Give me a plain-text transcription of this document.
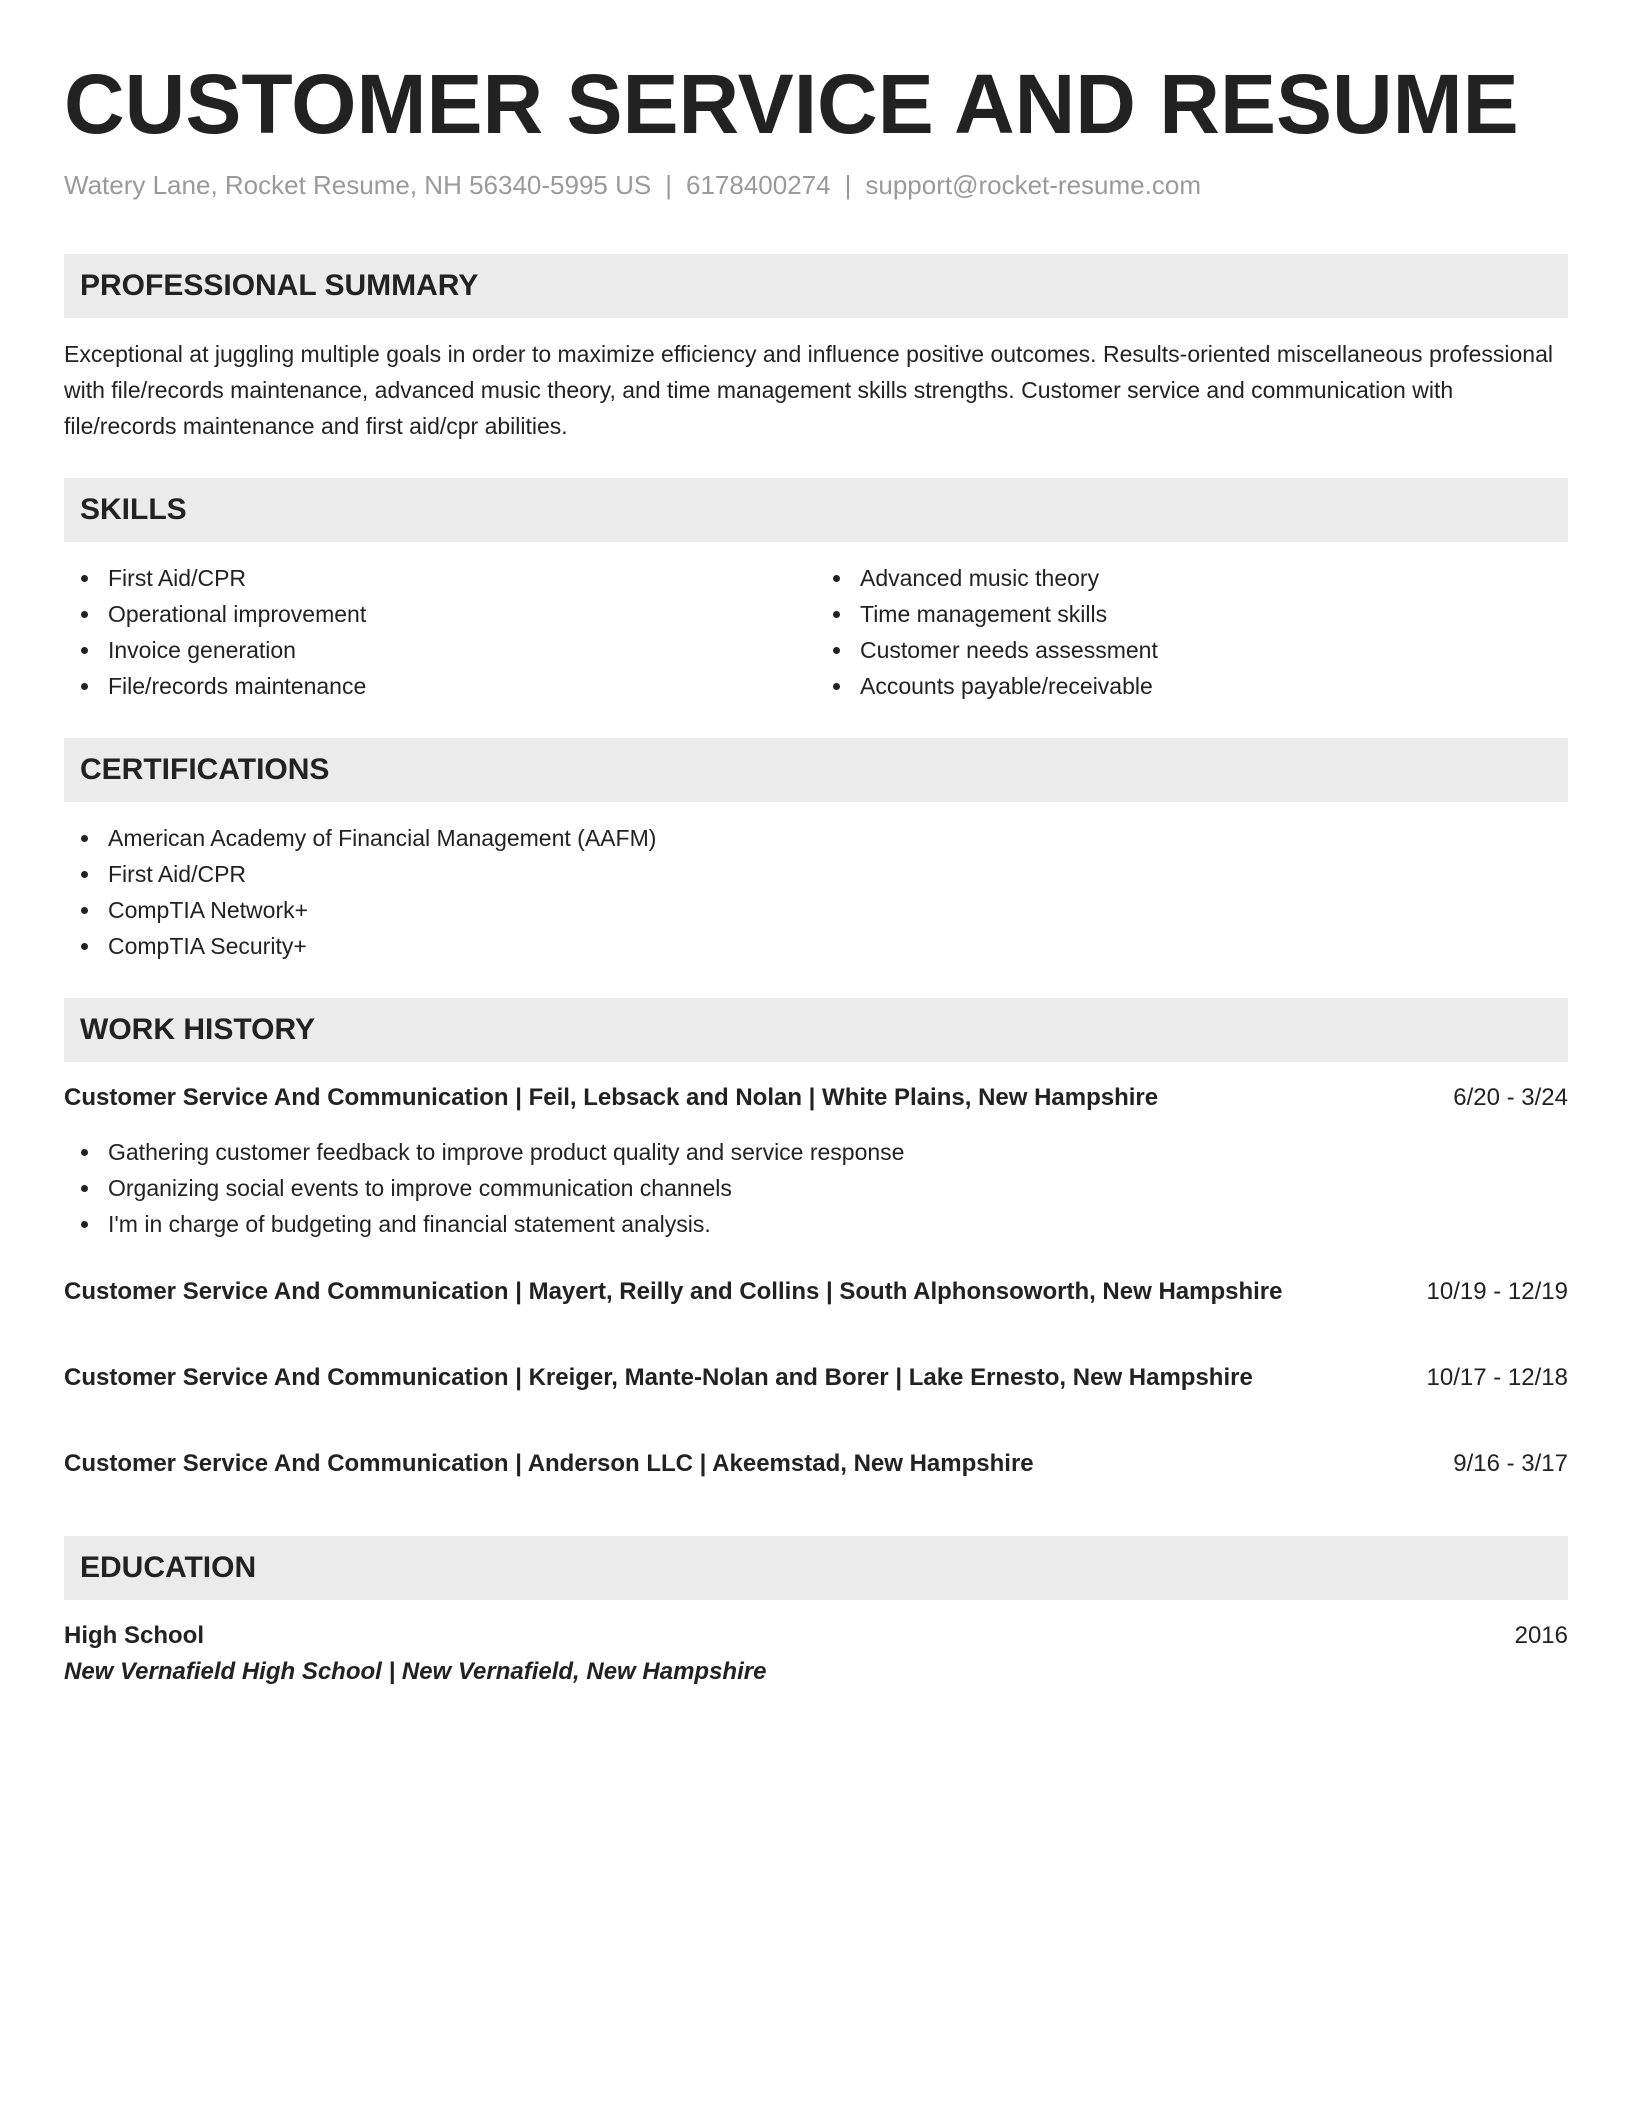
CUSTOMER SERVICE AND RESUME
Watery Lane, Rocket Resume, NH 56340-5995 US | 6178400274 | support@rocket-resume.com
PROFESSIONAL SUMMARY
Exceptional at juggling multiple goals in order to maximize efficiency and influence positive outcomes. Results-oriented miscellaneous professional with file/records maintenance, advanced music theory, and time management skills strengths. Customer service and communication with file/records maintenance and first aid/cpr abilities.
SKILLS
First Aid/CPR
Operational improvement
Invoice generation
File/records maintenance
Advanced music theory
Time management skills
Customer needs assessment
Accounts payable/receivable
CERTIFICATIONS
American Academy of Financial Management (AAFM)
First Aid/CPR
CompTIA Network+
CompTIA Security+
WORK HISTORY
Customer Service And Communication | Feil, Lebsack and Nolan | White Plains, New Hampshire	6/20 - 3/24
Gathering customer feedback to improve product quality and service response
Organizing social events to improve communication channels
I'm in charge of budgeting and financial statement analysis.
Customer Service And Communication | Mayert, Reilly and Collins | South Alphonsoworth, New Hampshire	10/19 - 12/19
Customer Service And Communication | Kreiger, Mante-Nolan and Borer | Lake Ernesto, New Hampshire	10/17 - 12/18
Customer Service And Communication | Anderson LLC | Akeemstad, New Hampshire	9/16 - 3/17
EDUCATION
High School	2016
New Vernafield High School | New Vernafield, New Hampshire
